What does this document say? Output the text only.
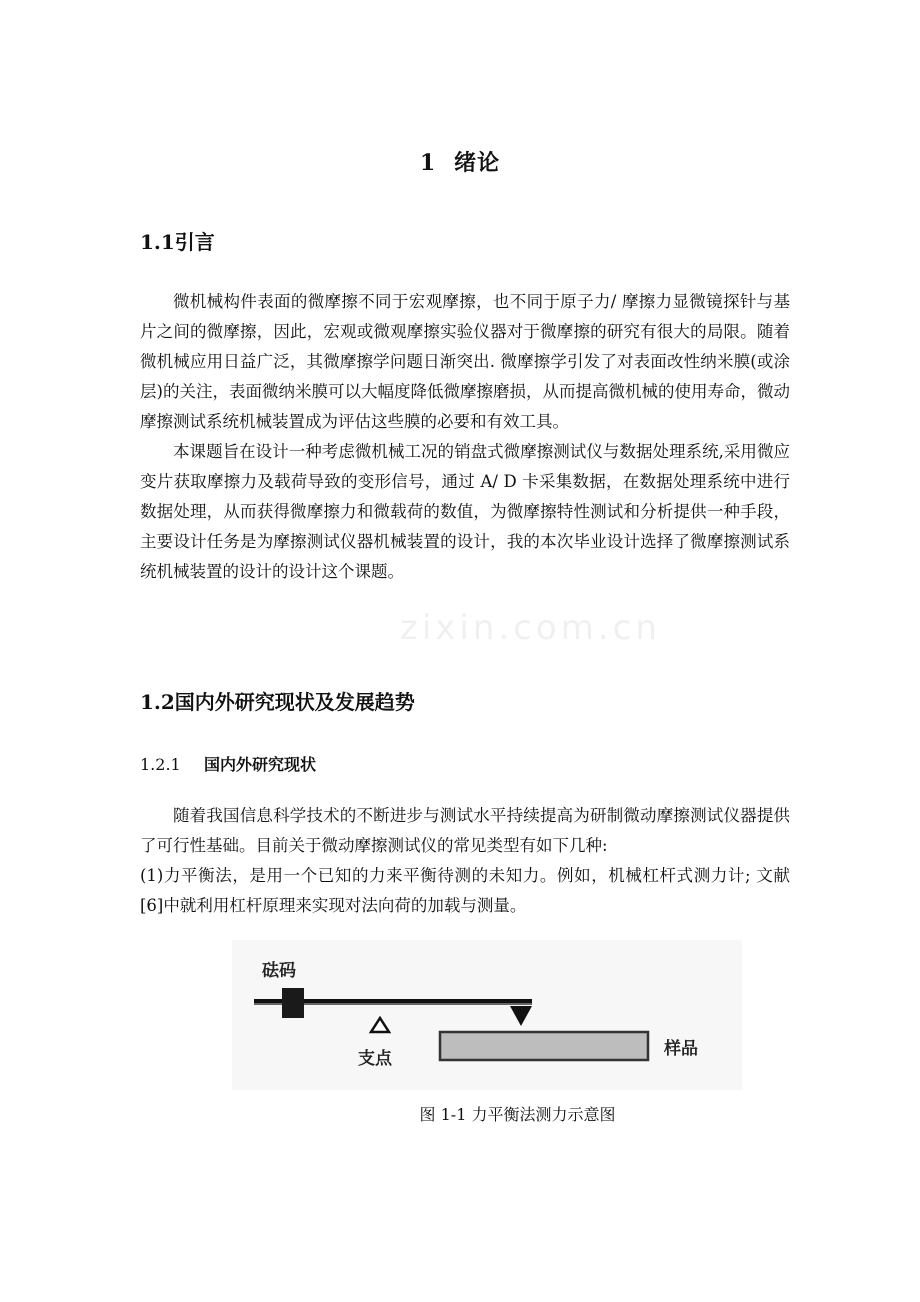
1 绪论
1.1引言

微机械构件表面的微摩擦不同于宏观摩擦，也不同于原子力/ 摩擦力显微镜探针与基片之间的微摩擦，因此，宏观或微观摩擦实验仪器对于微摩擦的研究有很大的局限。随着微机械应用日益广泛，其微摩擦学问题日渐突出. 微摩擦学引发了对表面改性纳米膜(或涂层)的关注，表面微纳米膜可以大幅度降低微摩擦磨损，从而提高微机械的使用寿命，微动摩擦测试系统机械装置成为评估这些膜的必要和有效工具。

本课题旨在设计一种考虑微机械工况的销盘式微摩擦测试仪与数据处理系统,采用微应变片获取摩擦力及载荷导致的变形信号，通过 A/ D 卡采集数据，在数据处理系统中进行数据处理，从而获得微摩擦力和微载荷的数值，为微摩擦特性测试和分析提供一种手段，主要设计任务是为摩擦测试仪器机械装置的设计，我的本次毕业设计选择了微摩擦测试系统机械装置的设计的设计这个课题。

zixin.com.cn
1.2国内外研究现状及发展趋势
1.2.1 国内外研究现状

随着我国信息科学技术的不断进步与测试水平持续提高为研制微动摩擦测试仪器提供了可行性基础。目前关于微动摩擦测试仪的常见类型有如下几种:

(1)力平衡法，是用一个已知的力来平衡待测的未知力。例如，机械杠杆式测力计; 文献[6]中就利用杠杆原理来实现对法向荷的加载与测量。

砝码
支点	样品
图 1-1 力平衡法测力示意图
